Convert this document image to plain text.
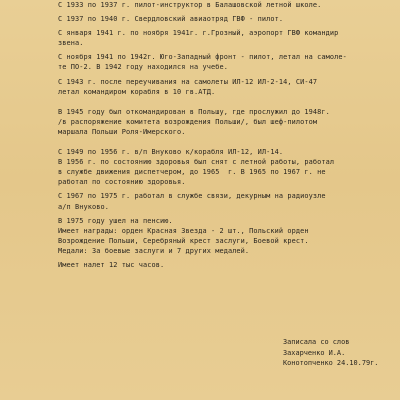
С 1933 по 1937 г. пилот-инструктор в Балашовской летной школе.
С 1937 по 1940 г. Свердловский авиаотряд ГВФ - пилот.
С января 1941 г. по ноября 1941г. г.Грозный, аэропорт ГВФ командир
звена.
С ноября 1941 по 1942г. Юго-Западный фронт - пилот, летал на самоле-
те ПО-2. В 1942 году находился на учебе.
С 1943 г. после переучивания на самолеты ИЛ-12 ИЛ-2-14, СИ-47
летал командиром корабля в 10 гв.АТД.
В 1945 году был откомандирован в Польшу, где прослужил до 1948г.
/в распоряжение комитета возрождения Польши/, был шеф-пилотом
маршала Польши Роля-Имерского.
С 1949 по 1956 г. в/п Внуково к/корабля ИЛ-12, ИЛ-14.
В 1956 г. по состоянию здоровья был снят с летной работы, работал
в службе движения диспетчером, до 1965  г. В 1965 по 1967 г. не
работал по состоянию здоровья.
С 1967 по 1975 г. работал в службе связи, декурным на радиоузле
а/п Внуково.
В 1975 году ушел на пенсию.
Имеет награды: орден Красная Звезда - 2 шт., Польский орден
Возрождение Польши, Серебряный крест заслуги, Боевой крест.
Медали: За боевые заслуги и 7 других медалей.
Имеет налет 12 тыс часов.
Записала со слов
Захарченко И.А.
Конотопченко 24.10.79г.
